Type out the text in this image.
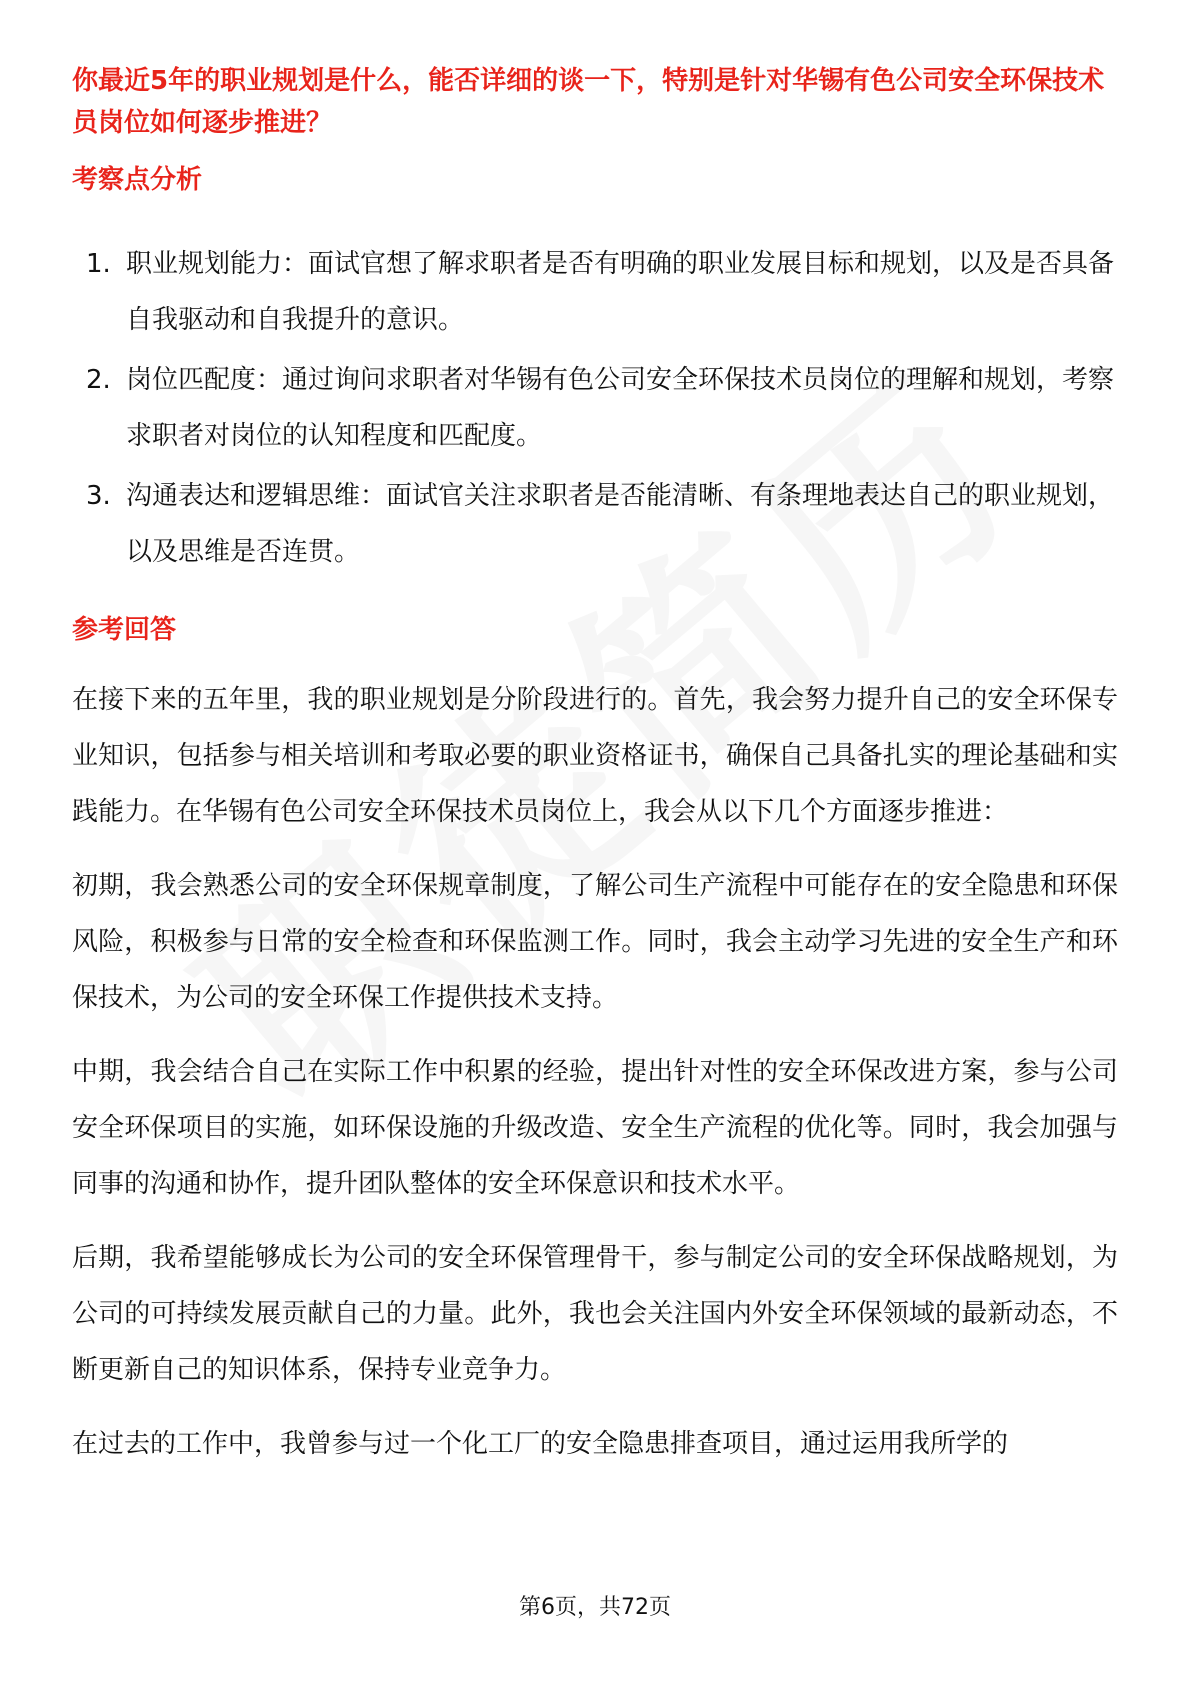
你最近5年的职业规划是什么，能否详细的谈一下，特别是针对华锡有色公司安全环保技术员岗位如何逐步推进？

考察点分析
1. 职业规划能力：面试官想了解求职者是否有明确的职业发展目标和规划，以及是否具备自我驱动和自我提升的意识。
2. 岗位匹配度：通过询问求职者对华锡有色公司安全环保技术员岗位的理解和规划，考察求职者对岗位的认知程度和匹配度。
3. 沟通表达和逻辑思维：面试官关注求职者是否能清晰、有条理地表达自己的职业规划，以及思维是否连贯。
参考回答

在接下来的五年里，我的职业规划是分阶段进行的。首先，我会努力提升自己的安全环保专业知识，包括参与相关培训和考取必要的职业资格证书，确保自己具备扎实的理论基础和实践能力。在华锡有色公司安全环保技术员岗位上，我会从以下几个方面逐步推进：

初期，我会熟悉公司的安全环保规章制度，了解公司生产流程中可能存在的安全隐患和环保风险，积极参与日常的安全检查和环保监测工作。同时，我会主动学习先进的安全生产和环保技术，为公司的安全环保工作提供技术支持。

中期，我会结合自己在实际工作中积累的经验，提出针对性的安全环保改进方案，参与公司安全环保项目的实施，如环保设施的升级改造、安全生产流程的优化等。同时，我会加强与同事的沟通和协作，提升团队整体的安全环保意识和技术水平。

后期，我希望能够成长为公司的安全环保管理骨干，参与制定公司的安全环保战略规划，为公司的可持续发展贡献自己的力量。此外，我也会关注国内外安全环保领域的最新动态，不断更新自己的知识体系，保持专业竞争力。

在过去的工作中，我曾参与过一个化工厂的安全隐患排查项目，通过运用我所学的

第6页，共72页
